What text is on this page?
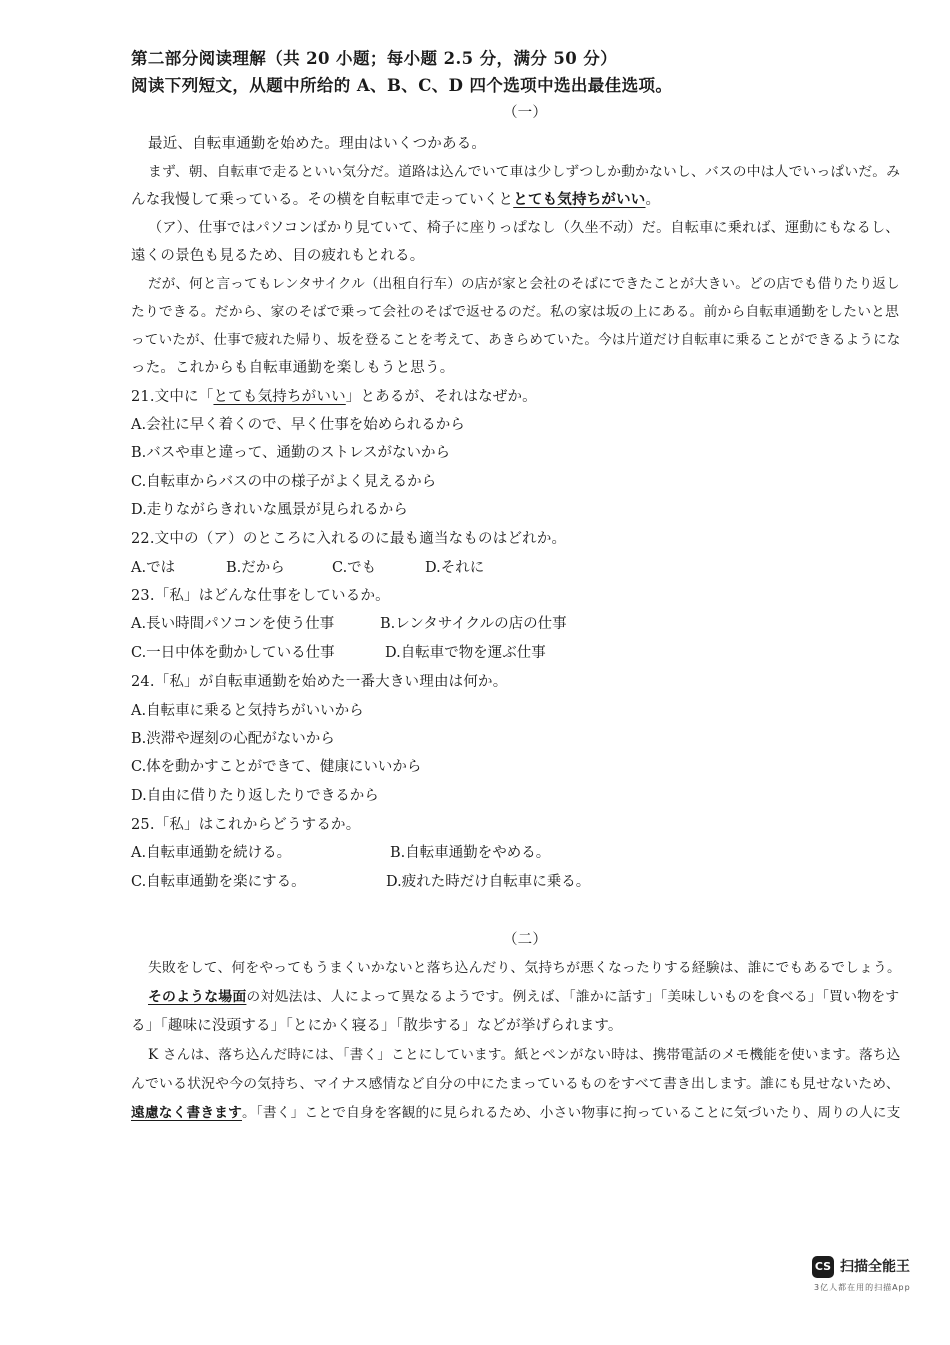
第二部分阅读理解（共 20 小题；每小题 2.5 分，满分 50 分）
阅读下列短文，从题中所给的 A、B、C、D 四个选项中选出最佳选项。
（一）
最近、自転車通勤を始めた。理由はいくつかある。
まず、朝、自転車で走るといい気分だ。道路は込んでいて車は少しずつしか動かないし、バスの中は人でいっぱいだ。み
んな我慢して乗っている。その横を自転車で走っていくととても気持ちがいい。
（ア）、仕事ではパソコンばかり見ていて、椅子に座りっぱなし（久坐不动）だ。自転車に乗れば、運動にもなるし、
遠くの景色も見るため、目の疲れもとれる。
だが、何と言ってもレンタサイクル（出租自行车）の店が家と会社のそばにできたことが大きい。どの店でも借りたり返し
たりできる。だから、家のそばで乗って会社のそばで返せるのだ。私の家は坂の上にある。前から自転車通勤をしたいと思
っていたが、仕事で疲れた帰り、坂を登ることを考えて、あきらめていた。今は片道だけ自転車に乗ることができるようにな
った。これからも自転車通勤を楽しもうと思う。
21.文中に「とても気持ちがいい」とあるが、それはなぜか。
A.会社に早く着くので、早く仕事を始められるから
B.バスや車と違って、通勤のストレスがないから
C.自転車からバスの中の様子がよく見えるから
D.走りながらきれいな風景が見られるから
22.文中の（ア）のところに入れるのに最も適当なものはどれか。
A.では	B.だから	C.でも	D.それに
23.「私」はどんな仕事をしているか。
A.長い時間パソコンを使う仕事	B.レンタサイクルの店の仕事
C.一日中体を動かしている仕事	D.自転車で物を運ぶ仕事
24.「私」が自転車通勤を始めた一番大きい理由は何か。
A.自転車に乗ると気持ちがいいから
B.渋滞や遅刻の心配がないから
C.体を動かすことができて、健康にいいから
D.自由に借りたり返したりできるから
25.「私」はこれからどうするか。
A.自転車通勤を続ける。	B.自転車通勤をやめる。
C.自転車通勤を楽にする。	D.疲れた時だけ自転車に乗る。
（二）
失敗をして、何をやってもうまくいかないと落ち込んだり、気持ちが悪くなったりする経験は、誰にでもあるでしょう。
そのような場面の対処法は、人によって異なるようです。例えば、「誰かに話す」「美味しいものを食べる」「買い物をす
る」「趣味に没頭する」「とにかく寝る」「散歩する」などが挙げられます。
K さんは、落ち込んだ時には、「書く」ことにしています。紙とペンがない時は、携帯電話のメモ機能を使います。落ち込
んでいる状況や今の気持ち、マイナス感情など自分の中にたまっているものをすべて書き出します。誰にも見せないため、
遠慮なく書きます。「書く」ことで自身を客観的に見られるため、小さい物事に拘っていることに気づいたり、周りの人に支
CS 扫描全能王
3亿人都在用的扫描App
